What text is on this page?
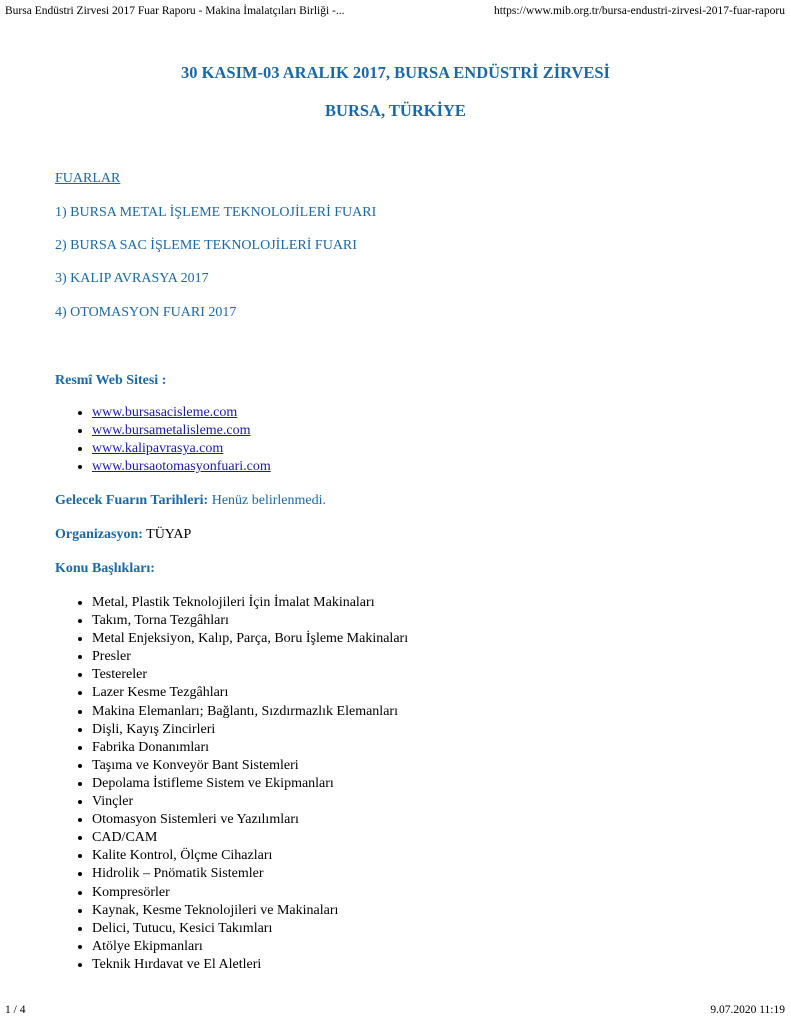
Bursa Endüstri Zirvesi 2017 Fuar Raporu - Makina İmalatçıları Birliği -...	https://www.mib.org.tr/bursa-endustri-zirvesi-2017-fuar-raporu
30 KASIM-03 ARALIK 2017, BURSA ENDÜSTRİ ZİRVESİ
BURSA, TÜRKİYE
FUARLAR
1) BURSA METAL İŞLEME TEKNOLOJİLERİ FUARI
2) BURSA SAC İŞLEME TEKNOLOJİLERİ FUARI
3) KALIP AVRASYA 2017
4) OTOMASYON FUARI 2017
Resmî Web Sitesi :
• www.bursasacisleme.com
• www.bursametalisleme.com
• www.kalipavrasya.com
• www.bursaotomasyonfuari.com
Gelecek Fuarın Tarihleri: Henüz belirlenmedi.
Organizasyon: TÜYAP
Konu Başlıkları:
• Metal, Plastik Teknolojileri İçin İmalat Makinaları
• Takım, Torna Tezgâhları
• Metal Enjeksiyon, Kalıp, Parça, Boru İşleme Makinaları
• Presler
• Testereler
• Lazer Kesme Tezgâhları
• Makina Elemanları; Bağlantı, Sızdırmazlık Elemanları
• Dişli, Kayış Zincirleri
• Fabrika Donanımları
• Taşıma ve Konveyör Bant Sistemleri
• Depolama İstifleme Sistem ve Ekipmanları
• Vinçler
• Otomasyon Sistemleri ve Yazılımları
• CAD/CAM
• Kalite Kontrol, Ölçme Cihazları
• Hidrolik – Pnömatik Sistemler
• Kompresörler
• Kaynak, Kesme Teknolojileri ve Makinaları
• Delici, Tutucu, Kesici Takımları
• Atölye Ekipmanları
• Teknik Hırdavat ve El Aletleri
1 / 4	9.07.2020 11:19
